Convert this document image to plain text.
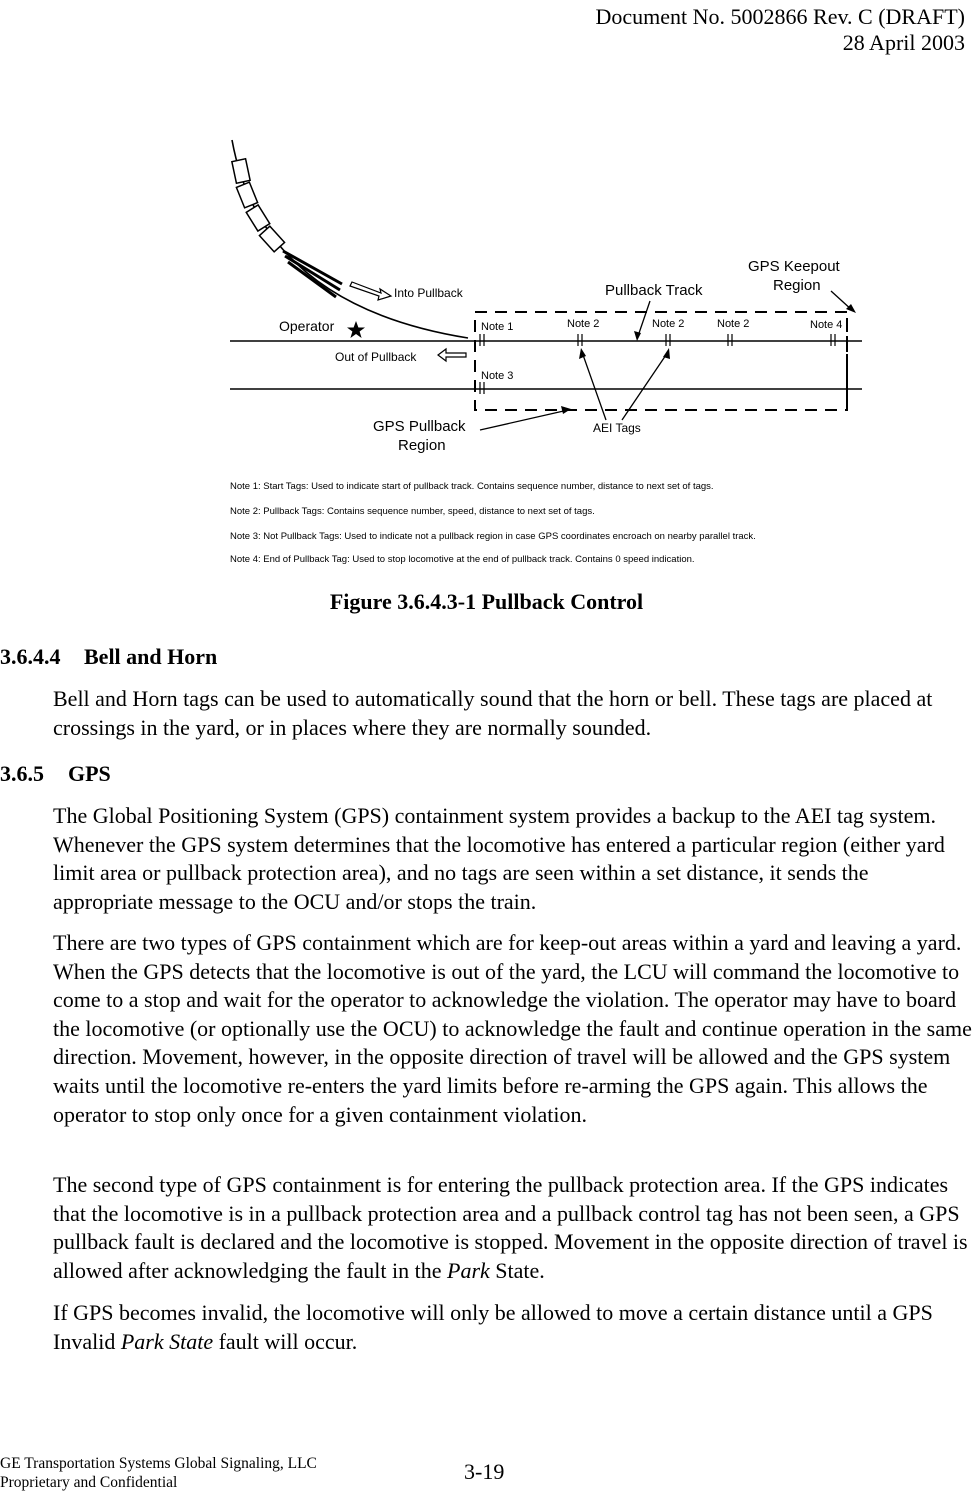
Document No. 5002866 Rev. C (DRAFT)
28 April 2003
Note 1	Note 2	Note 2	Note 2	Note 4
Note 3
Operator
Into Pullback
Out of Pullback
Pullback Track
GPS Keepout
Region
GPS Pullback
Region
AEI Tags
Note 1: Start Tags: Used to indicate start of pullback track. Contains sequence number, distance to next set of tags.
Note 2: Pullback Tags: Contains sequence number, speed, distance to next set of tags.
Note 3: Not Pullback Tags: Used to indicate not a pullback region in case GPS coordinates encroach on nearby parallel track.
Note 4: End of Pullback Tag: Used to stop locomotive at the end of pullback track. Contains 0 speed indication.
Figure 3.6.4.3-1 Pullback Control
3.6.4.4 Bell and Horn
Bell and Horn tags can be used to automatically sound that the horn or bell. These tags are placed at crossings in the yard, or in places where they are normally sounded.
3.6.5 GPS
The Global Positioning System (GPS) containment system provides a backup to the AEI tag system. Whenever the GPS system determines that the locomotive has entered a particular region (either yard limit area or pullback protection area), and no tags are seen within a set distance, it sends the appropriate message to the OCU and/or stops the train.
There are two types of GPS containment which are for keep-out areas within a yard and leaving a yard. When the GPS detects that the locomotive is out of the yard, the LCU will command the locomotive to come to a stop and wait for the operator to acknowledge the violation. The operator may have to board the locomotive (or optionally use the OCU) to acknowledge the fault and continue operation in the same direction. Movement, however, in the opposite direction of travel will be allowed and the GPS system waits until the locomotive re-enters the yard limits before re-arming the GPS again. This allows the operator to stop only once for a given containment violation.
The second type of GPS containment is for entering the pullback protection area. If the GPS indicates that the locomotive is in a pullback protection area and a pullback control tag has not been seen, a GPS pullback fault is declared and the locomotive is stopped. Movement in the opposite direction of travel is allowed after acknowledging the fault in the Park State.
If GPS becomes invalid, the locomotive will only be allowed to move a certain distance until a GPS Invalid Park State fault will occur.
GE Transportation Systems Global Signaling, LLC
Proprietary and Confidential	3-19
